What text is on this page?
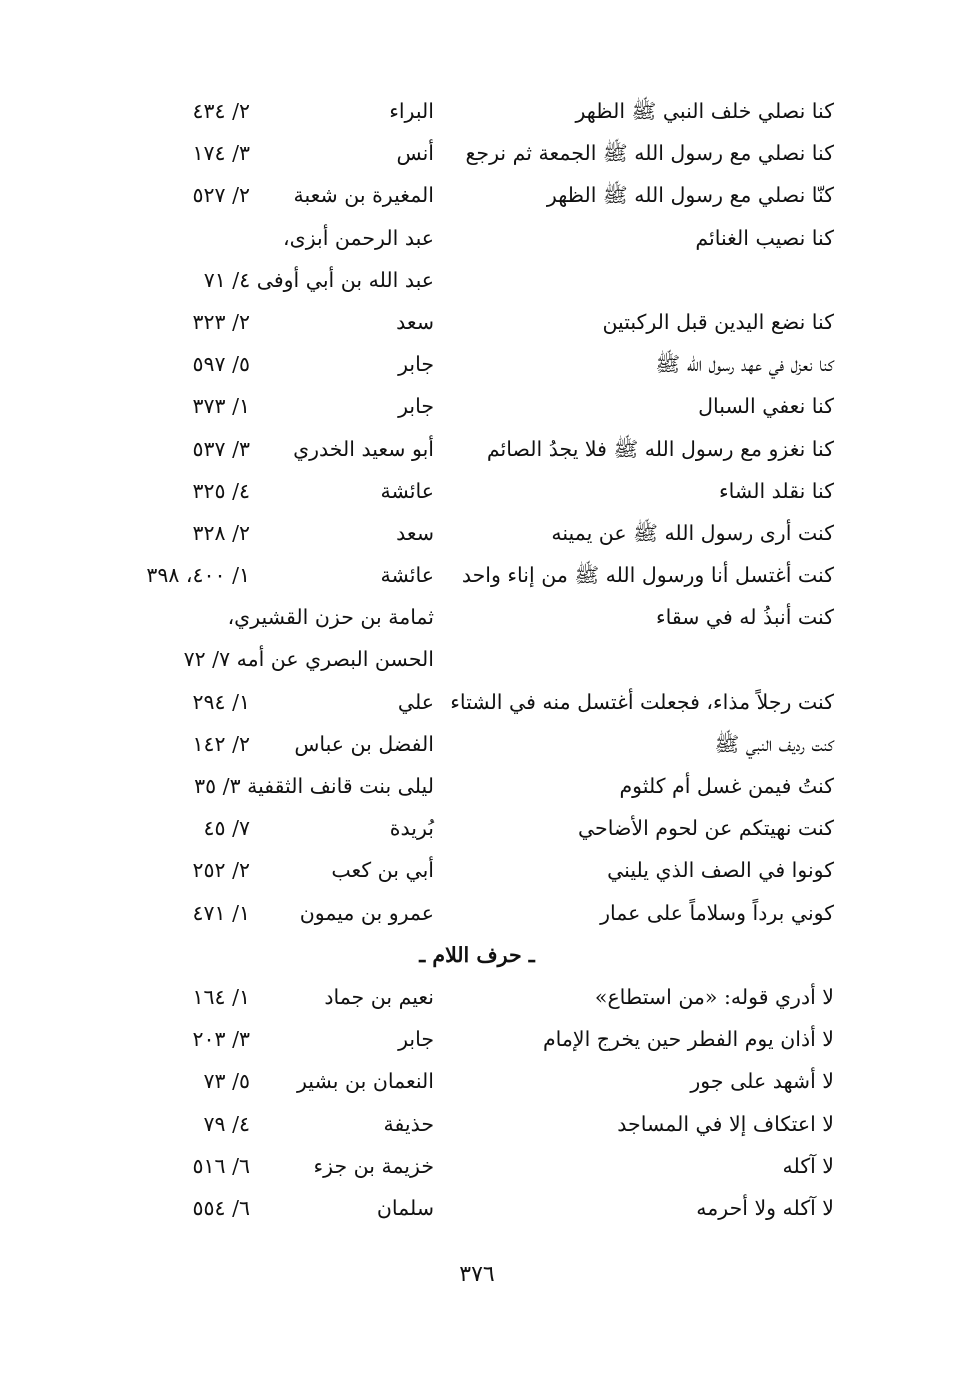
كنا نصلي خلف النبي ﷺ الظهر
البراء
٢/ ٤٣٤
كنا نصلي مع رسول الله ﷺ الجمعة ثم نرجع
أنس
٣/ ١٧٤
كنّا نصلي مع رسول الله ﷺ الظهر
المغيرة بن شعبة
٢/ ٥٢٧
كنا نصيب الغنائم
عبد الرحمن أبزى،
عبد الله بن أبي أوفى ٤/ ٧١
كنا نضع اليدين قبل الركبتين
سعد
٢/ ٣٢٣
كنا نعزل في عهد رسول الله ﷺ
جابر
٥/ ٥٩٧
كنا نعفي السبال
جابر
١/ ٣٧٣
كنا نغزو مع رسول الله ﷺ فلا يجدُ الصائم
أبو سعيد الخدري
٣/ ٥٣٧
كنا نقلد الشاء
عائشة
٤/ ٣٢٥
كنت أرى رسول الله ﷺ عن يمينه
سعد
٢/ ٣٢٨
كنت أغتسل أنا ورسول الله ﷺ من إناء واحد
عائشة
١/ ٤٠٠، ٣٩٨
كنت أنبذُ له في سقاء
ثمامة بن حزن القشيري،
الحسن البصري عن أمه ٧/ ٧٢
كنت رجلاً مذاء، فجعلت أغتسل منه في الشتاء
علي
١/ ٢٩٤
كنت رديف النبي ﷺ
الفضل بن عباس
٢/ ١٤٢
كنتُ فيمن غسل أم كلثوم
ليلى بنت قانف الثقفية ٣/ ٣٥
كنت نهيتكم عن لحوم الأضاحي
بُريدة
٧/ ٤٥
كونوا في الصف الذي يليني
أبي بن كعب
٢/ ٢٥٢
كوني برداً وسلاماً على عمار
عمرو بن ميمون
١/ ٤٧١
ـ حرف اللام ـ
لا أدري قوله: «من استطاع»
نعيم بن جماد
١/ ١٦٤
لا أذان يوم الفطر حين يخرج الإمام
جابر
٣/ ٢٠٣
لا أشهد على جور
النعمان بن بشير
٥/ ٧٣
لا اعتكاف إلا في المساجد
حذيفة
٤/ ٧٩
لا آكله
خزيمة بن جزء
٦/ ٥١٦
لا آكله ولا أحرمه
سلمان
٦/ ٥٥٤
٣٧٦
